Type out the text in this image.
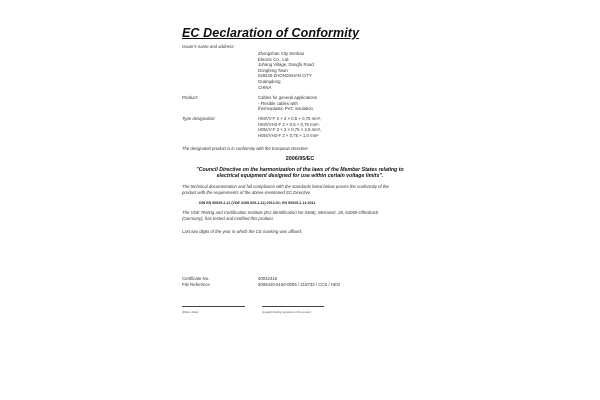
EC Declaration of Conformity
Issuer's name and address:
Zhongshan City Senbao
Electric Co., Ltd.
Juhang Village, Dongfu Road
Dongfeng Town
528425 ZHONGSHAN CITY
Guangdong
CHINA
Product:	Cables for general applications
- Flexible cables with
thermoplastic PVC insulation
Type designation:	H03VV-F 2 × 3 × 0,5 × 0,75 mm²,
H03VVH2-F 2 × 0,5 × 0,75 mm²,
H05VV-F 2 × 3 × 0,75 × 2,5 mm²,
H05VVH2-F 2 × 0,75 × 1,0 mm²
The designated product is in conformity with the European Directive:
2006/95/EC
"Council Directive on the harmonization of the laws of the Member States relating to
electrical equipment designed for use within certain voltage limits".
The technical documentation and full compliance with the standards listed below proves the conformity of the
product with the requirements of the above-mentioned EC Directive.
DIN EN 50525-2-11 (VDE 0285-525-2-11):2012-01; EN 50525-2-11:2011
The VDE Testing and Certification Institute (EU Identification No 0366), Merianstr. 28, 63069 Offenbach
(Germany), has tested and certified this product.
Last two digits of the year in which the CE marking was affixed:
Certificate No.	40042316
File Reference	5006420-5160-0005 / 219733 / CCS / HEG
(Place, Date)	(Legally binding signature of the issuer)
